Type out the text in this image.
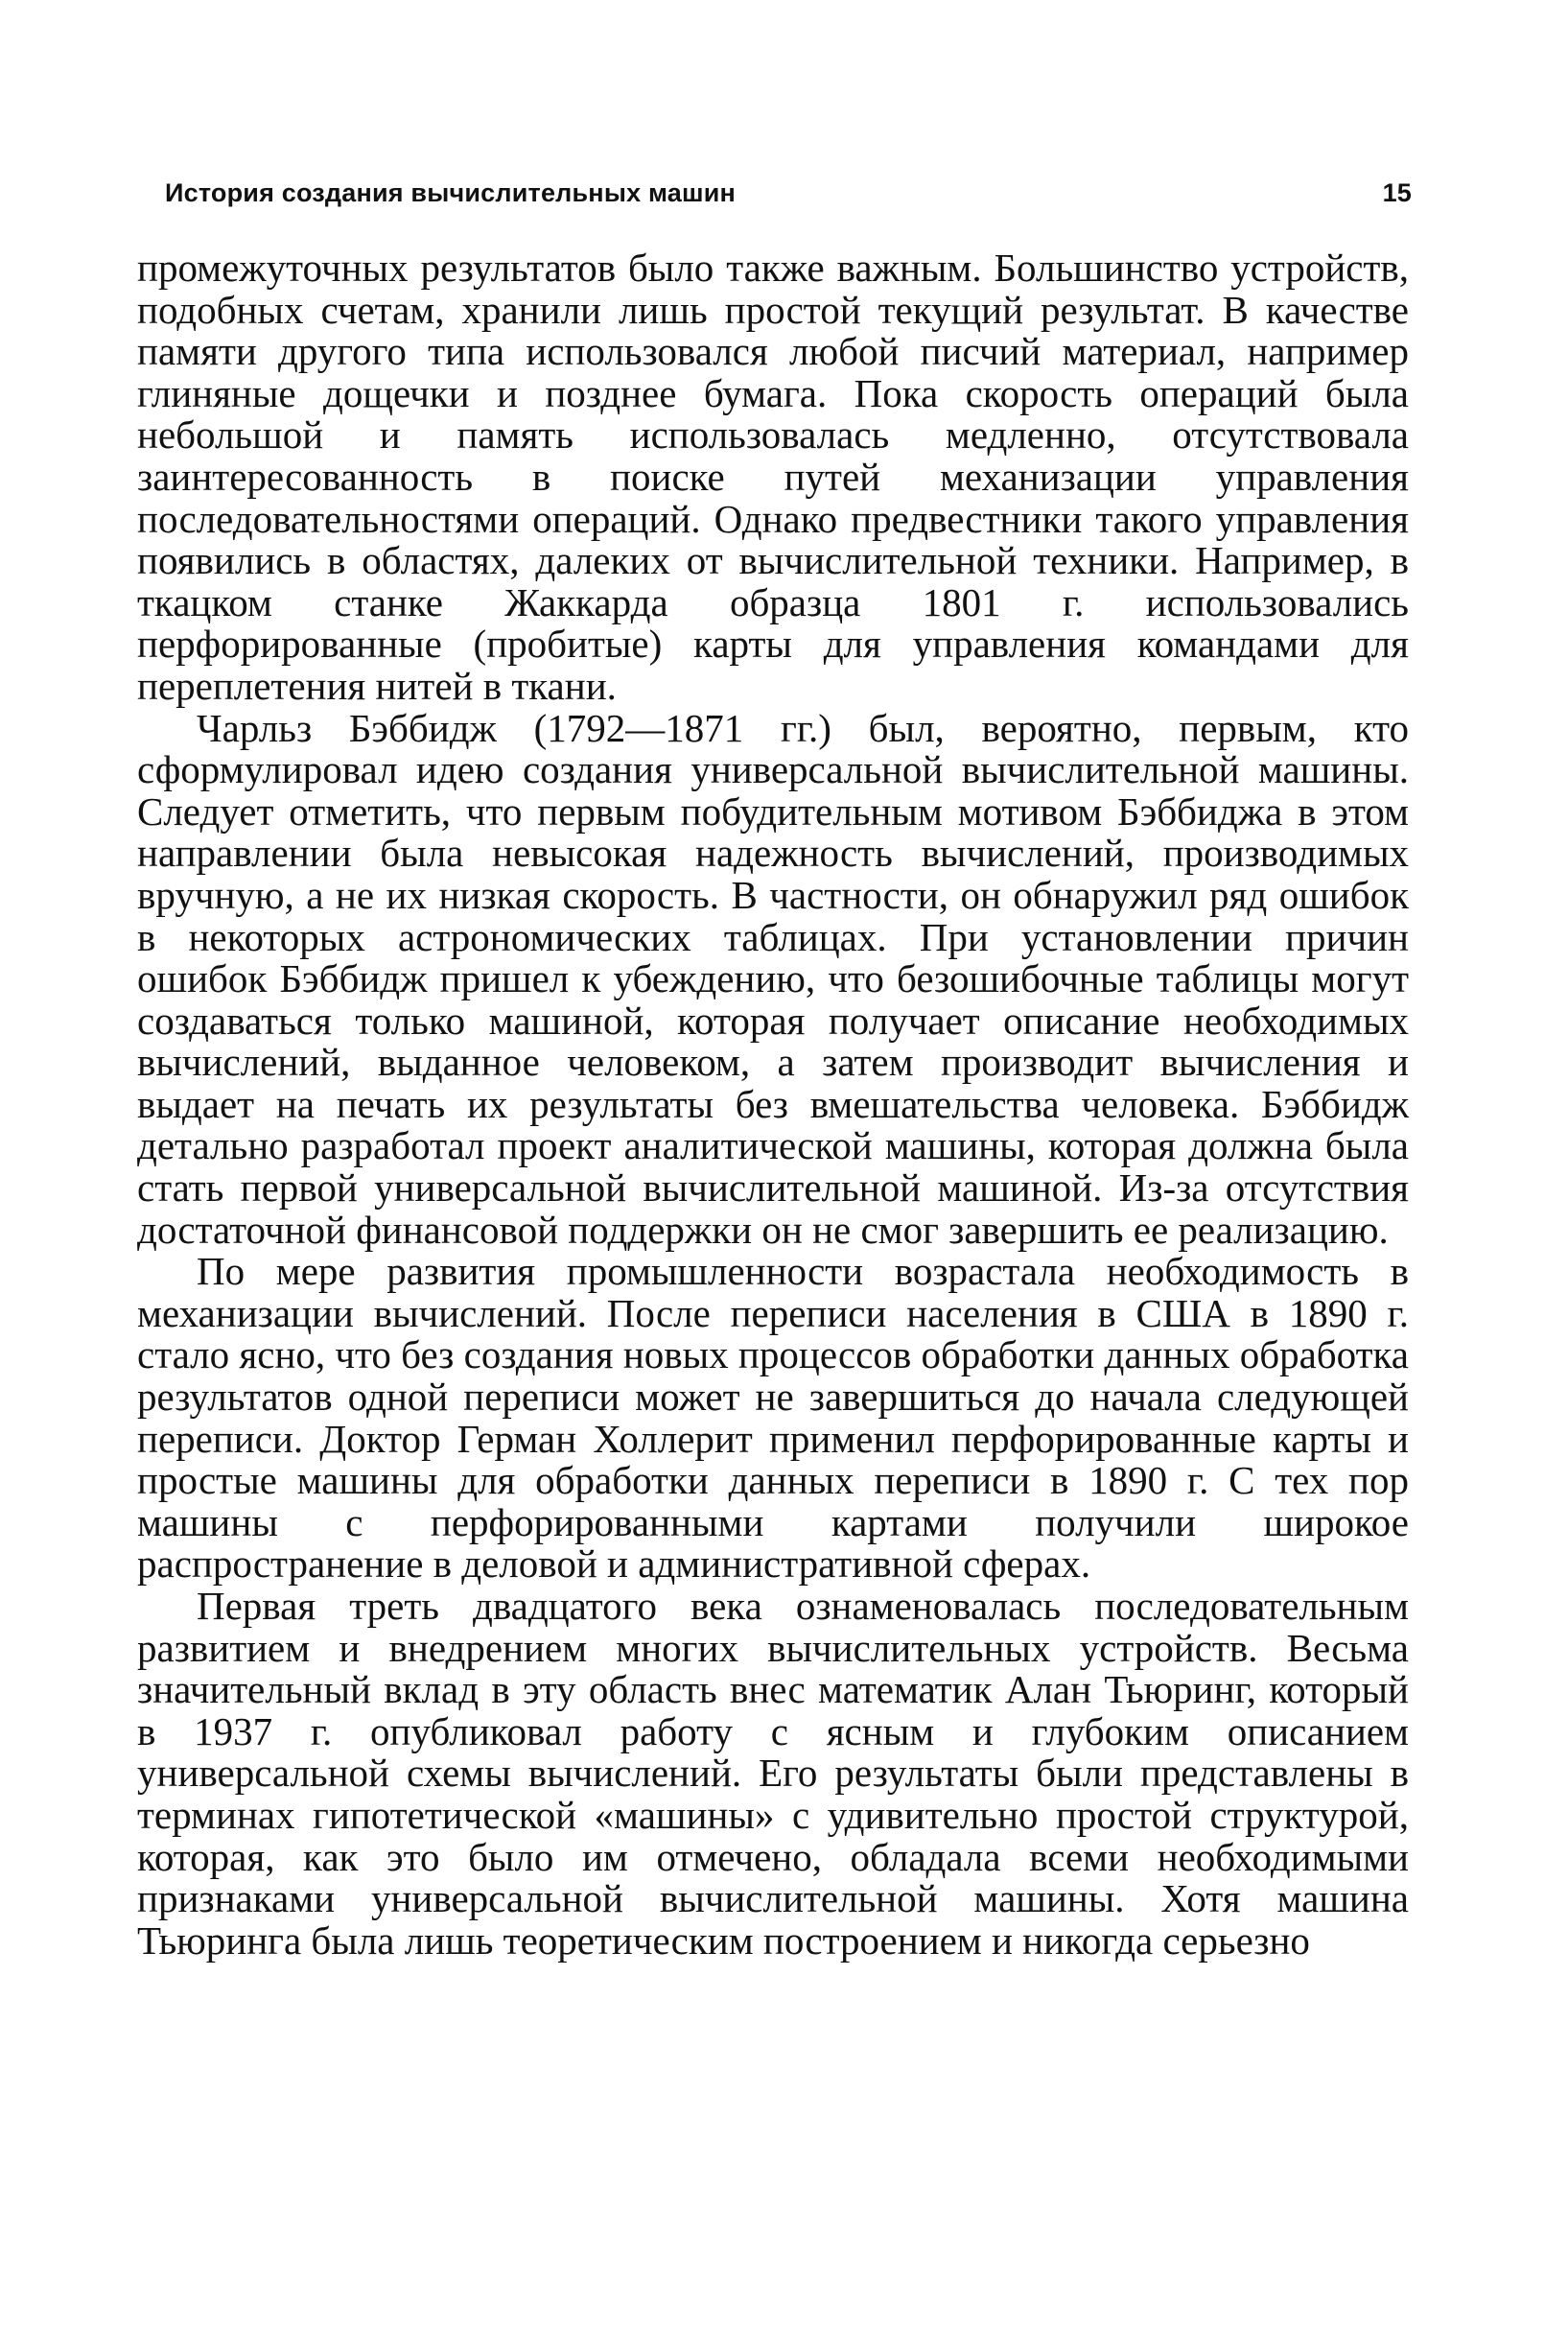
История создания вычислительных машин	15

промежуточных результатов было также важным. Большинство устройств, подобных счетам, хранили лишь простой текущий результат. В качестве памяти другого типа использовался любой писчий материал, например глиняные дощечки и позднее бумага. Пока скорость операций была небольшой и память использовалась медленно, отсутствовала заинтересованность в поиске путей механизации управления последовательностями операций. Однако предвестники такого управления появились в областях, далеких от вычислительной техники. Например, в ткацком станке Жаккарда образца 1801 г. использовались перфорированные (пробитые) карты для управления командами для переплетения нитей в ткани.

Чарльз Бэббидж (1792—1871 гг.) был, вероятно, первым, кто сформулировал идею создания универсальной вычислительной машины. Следует отметить, что первым побудительным мотивом Бэббиджа в этом направлении была невысокая надежность вычислений, производимых вручную, а не их низкая скорость. В частности, он обнаружил ряд ошибок в некоторых астрономических таблицах. При установлении причин ошибок Бэббидж пришел к убеждению, что безошибочные таблицы могут создаваться только машиной, которая получает описание необходимых вычислений, выданное человеком, а затем производит вычисления и выдает на печать их результаты без вмешательства человека. Бэббидж детально разработал проект аналитической машины, которая должна была стать первой универсальной вычислительной машиной. Из-за отсутствия достаточной финансовой поддержки он не смог завершить ее реализацию.

По мере развития промышленности возрастала необходимость в механизации вычислений. После переписи населения в США в 1890 г. стало ясно, что без создания новых процессов обработки данных обработка результатов одной переписи может не завершиться до начала следующей переписи. Доктор Герман Холлерит применил перфорированные карты и простые машины для обработки данных переписи в 1890 г. С тех пор машины с перфорированными картами получили широкое распространение в деловой и административной сферах.

Первая треть двадцатого века ознаменовалась последовательным развитием и внедрением многих вычислительных устройств. Весьма значительный вклад в эту область внес математик Алан Тьюринг, который в 1937 г. опубликовал работу с ясным и глубоким описанием универсальной схемы вычислений. Его результаты были представлены в терминах гипотетической «машины» с удивительно простой структурой, которая, как это было им отмечено, обладала всеми необходимыми признаками универсальной вычислительной машины. Хотя машина Тьюринга была лишь теоретическим построением и никогда серьезно
